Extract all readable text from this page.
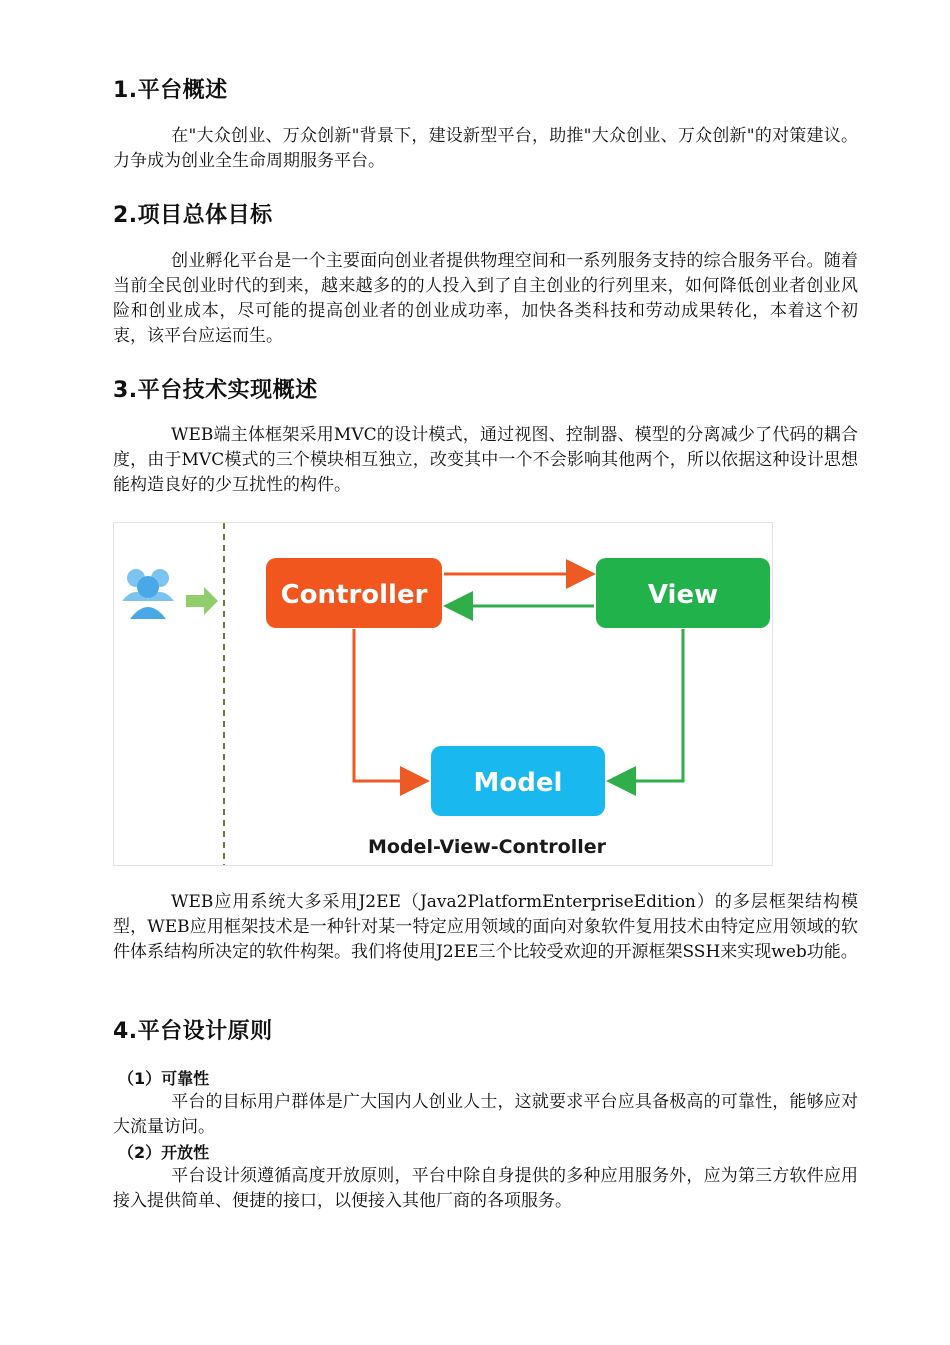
1.平台概述

在"大众创业、万众创新"背景下，建设新型平台，助推"大众创业、万众创新"的对策建议。力争成为创业全生命周期服务平台。

2.项目总体目标

创业孵化平台是一个主要面向创业者提供物理空间和一系列服务支持的综合服务平台。随着当前全民创业时代的到来，越来越多的的人投入到了自主创业的行列里来，如何降低创业者创业风险和创业成本，尽可能的提高创业者的创业成功率，加快各类科技和劳动成果转化，本着这个初衷，该平台应运而生。

3.平台技术实现概述

WEB端主体框架采用MVC的设计模式，通过视图、控制器、模型的分离减少了代码的耦合度，由于MVC模式的三个模块相互独立，改变其中一个不会影响其他两个，所以依据这种设计思想能构造良好的少互扰性的构件。

Controller	View
Model
Model-View-Controller

WEB应用系统大多采用J2EE（Java2PlatformEnterpriseEdition）的多层框架结构模型，WEB应用框架技术是一种针对某一特定应用领域的面向对象软件复用技术由特定应用领域的软件体系结构所决定的软件构架。我们将使用J2EE三个比较受欢迎的开源框架SSH来实现web功能。

4.平台设计原则

（1）可靠性

平台的目标用户群体是广大国内人创业人士，这就要求平台应具备极高的可靠性，能够应对大流量访问。

（2）开放性

平台设计须遵循高度开放原则，平台中除自身提供的多种应用服务外，应为第三方软件应用接入提供简单、便捷的接口，以便接入其他厂商的各项服务。
